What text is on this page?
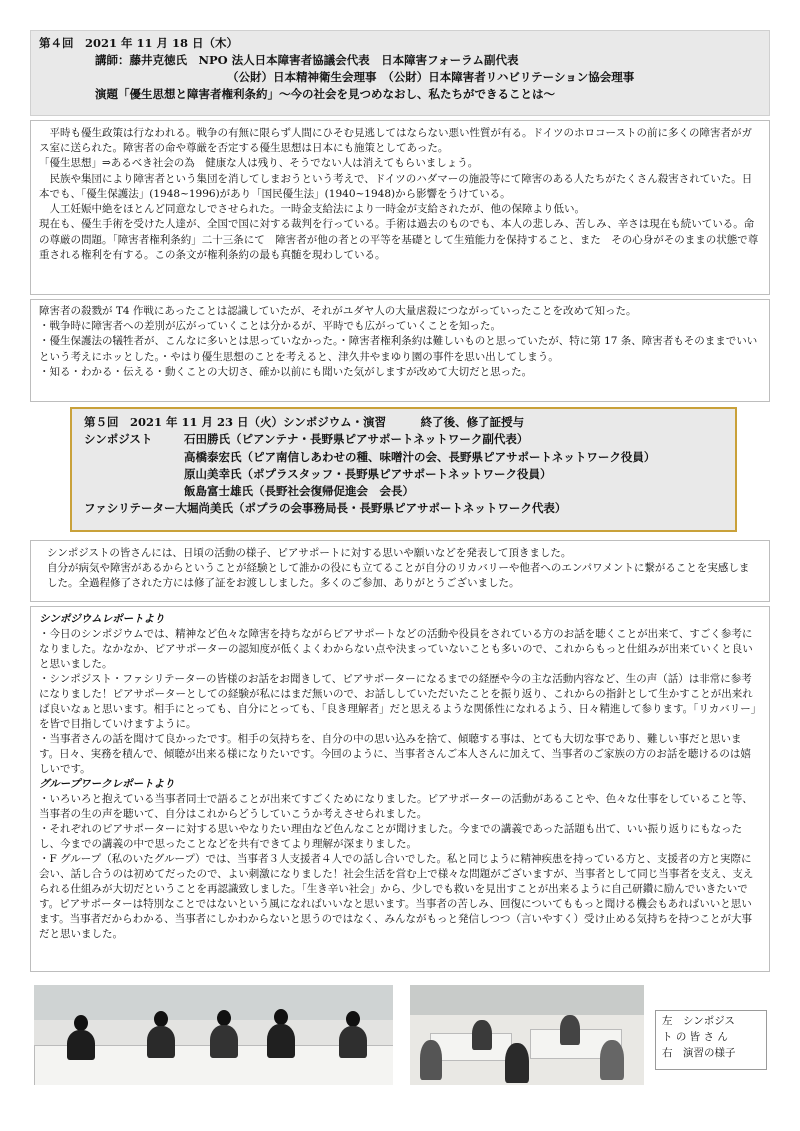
第４回　2021 年 11 月 18 日（木）
講師：藤井克徳氏　NPO 法人日本障害者協議会代表　日本障害フォーラム副代表
（公財）日本精神衛生会理事　（公財）日本障害者リハビリテーション協会理事
演題「優生思想と障害者権利条約」～今の社会を見つめなおし、私たちができることは～

平時も優生政策は行なわれる。戦争の有無に限らず人間にひそむ見逃してはならない悪い性質が有る。ドイツのホロコーストの前に多くの障害者がガス室に送られた。障害者の命や尊厳を否定する優生思想は日本にも施策としてあった。

「優生思想」⇒あるべき社会の為　健康な人は残り、そうでない人は消えてもらいましょう。

民族や集団により障害者という集団を消してしまおうという考えで、ドイツのハダマーの施設等にて障害のある人たちがたくさん殺害されていた。日本でも、「優生保護法」(1948~1996)があり「国民優生法」(1940~1948)から影響をうけている。

人工妊娠中絶をほとんど同意なしでさせられた。一時金支給法により一時金が支給されたが、他の保障より低い。

現在も、優生手術を受けた人達が、全国で国に対する裁判を行っている。手術は過去のものでも、本人の悲しみ、苦しみ、辛さは現在も続いている。命の尊厳の問題。「障害者権利条約」二十三条にて　障害者が他の者との平等を基礎として生殖能力を保持すること、また　その心身がそのままの状態で尊重される権利を有する。この条文が権利条約の最も真髄を現わしている。

障害者の殺戮が T4 作戦にあったことは認識していたが、それがユダヤ人の大量虐殺につながっていったことを改めて知った。

・戦争時に障害者への差別が広がっていくことは分かるが、平時でも広がっていくことを知った。

・優生保護法の犠牲者が、こんなに多いとは思っていなかった。・障害者権利条約は難しいものと思っていたが、特に第 17 条、障害者もそのままでいいという考えにホッとした。・やはり優生思想のことを考えると、津久井やまゆり園の事件を思い出してしまう。

・知る・わかる・伝える・動くことの大切さ、確か以前にも聞いた気がしますが改めて大切だと思った。

第５回　2021 年 11 月 23 日（火）シンポジウム・演習　　　終了後、修了証授与
シンポジスト	石田勝氏（ピアンテナ・長野県ピアサポートネットワーク副代表）
高橋泰宏氏（ピア南信しあわせの種、味噌汁の会、長野県ピアサポートネットワーク役員）
原山美幸氏（ポプラスタッフ・長野県ピアサポートネットワーク役員）
飯島富士雄氏（長野社会復帰促進会　会長）
ファシリテーター大堀尚美氏（ポプラの会事務局長・長野県ピアサポートネットワーク代表）

シンポジストの皆さんには、日頃の活動の様子、ピアサポートに対する思いや願いなどを発表して頂きました。

自分が病気や障害があるからということが経験として誰かの役にも立てることが自分のリカバリーや他者へのエンパワメントに繋がることを実感しました。全過程修了された方には修了証をお渡ししました。多くのご参加、ありがとうございました。

シンポジウムレポートより

・今日のシンポジウムでは、精神など色々な障害を持ちながらピアサポートなどの活動や役員をされている方のお話を聴くことが出来て、すごく参考になりました。なかなか、ピアサポーターの認知度が低くよくわからない点や決まっていないことも多いので、これからもっと仕組みが出来ていくと良いと思いました。

・シンポジスト・ファシリテーターの皆様のお話をお聞きして、ピアサポーターになるまでの経歴や今の主な活動内容など、生の声（話）は非常に参考になりました！ピアサポーターとしての経験が私にはまだ無いので、お話ししていただいたことを振り返り、これからの指針として生かすことが出来れば良いなぁと思います。相手にとっても、自分にとっても、「良き理解者」だと思えるような関係性になれるよう、日々精進して参ります。「リカバリー」を皆で目指していけますように。

・当事者さんの話を聞けて良かったです。相手の気持ちを、自分の中の思い込みを捨て、傾聴する事は、とても大切な事であり、難しい事だと思います。日々、実務を積んで、傾聴が出来る様になりたいです。今回のように、当事者さんご本人さんに加えて、当事者のご家族の方のお話を聴けるのは嬉しいです。

グループワークレポートより

・いろいろと抱えている当事者同士で語ることが出来てすごくためになりました。ピアサポーターの活動があることや、色々な仕事をしていること等、当事者の生の声を聴いて、自分はこれからどうしていこうか考えさせられました。

・それぞれのピアサポーターに対する思いやなりたい理由など色んなことが聞けました。今までの講義であった話題も出て、いい振り返りにもなったし、今までの講義の中で思ったことなどを共有できてより理解が深まりました。

・F グループ（私のいたグループ）では、当事者３人支援者４人での話し合いでした。私と同じように精神疾患を持っている方と、支援者の方と実際に会い、話し合うのは初めてだったので、よい刺激になりました！社会生活を営む上で様々な問題がございますが、当事者として同じ当事者を支え、支えられる仕組みが大切だということを再認識致しました。「生き辛い社会」から、少しでも救いを見出すことが出来るように自己研鑽に励んでいきたいです。ピアサポーターは特別なことではないという風になればいいなと思います。当事者の苦しみ、回復についてももっと聞ける機会もあればいいと思います。当事者だからわかる、当事者にしかわからないと思うのではなく、みんながもっと発信しつつ（言いやすく）受け止める気持ちを持つことが大事だと思いました。

左　シンポジス
ト の 皆 さ ん
右　演習の様子
